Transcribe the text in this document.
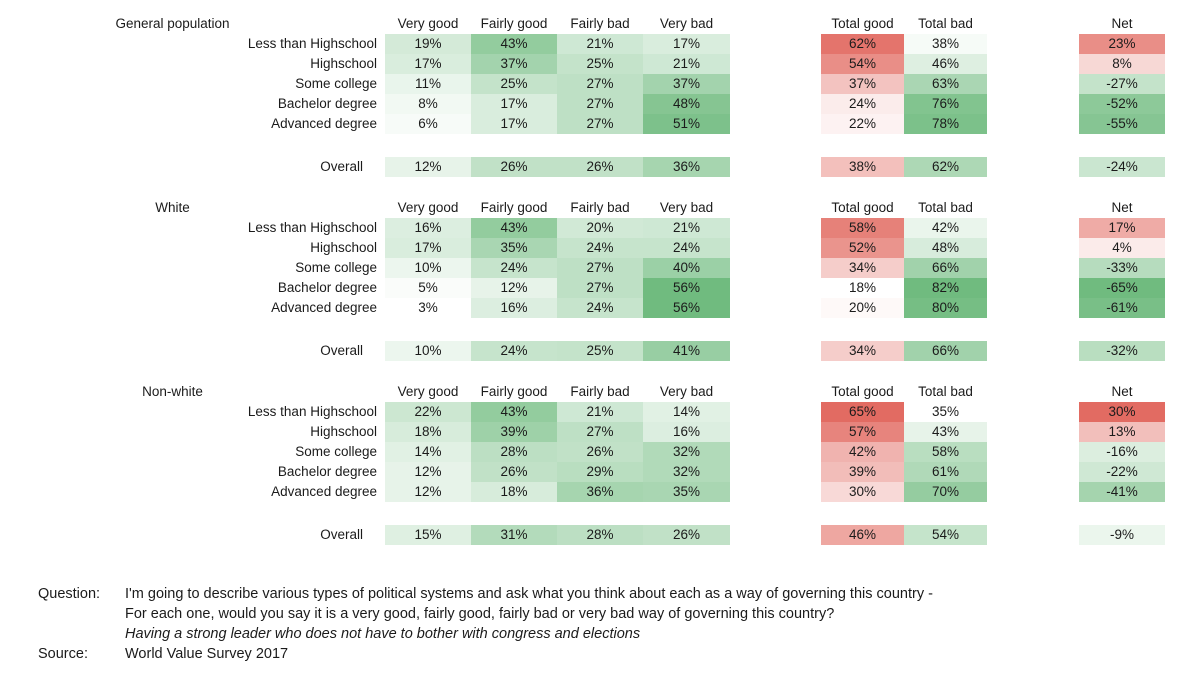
General population	Very good	Fairly good	Fairly bad	Very bad	Total good	Total bad	Net
Less than Highschool	19%	43%	21%	17%	62%	38%	23%
Highschool	17%	37%	25%	21%	54%	46%	8%
Some college	11%	25%	27%	37%	37%	63%	-27%
Bachelor degree	8%	17%	27%	48%	24%	76%	-52%
Advanced degree	6%	17%	27%	51%	22%	78%	-55%
Overall	12%	26%	26%	36%	38%	62%	-24%
White	Very good	Fairly good	Fairly bad	Very bad	Total good	Total bad	Net
Less than Highschool	16%	43%	20%	21%	58%	42%	17%
Highschool	17%	35%	24%	24%	52%	48%	4%
Some college	10%	24%	27%	40%	34%	66%	-33%
Bachelor degree	5%	12%	27%	56%	18%	82%	-65%
Advanced degree	3%	16%	24%	56%	20%	80%	-61%
Overall	10%	24%	25%	41%	34%	66%	-32%
Non-white	Very good	Fairly good	Fairly bad	Very bad	Total good	Total bad	Net
Less than Highschool	22%	43%	21%	14%	65%	35%	30%
Highschool	18%	39%	27%	16%	57%	43%	13%
Some college	14%	28%	26%	32%	42%	58%	-16%
Bachelor degree	12%	26%	29%	32%	39%	61%	-22%
Advanced degree	12%	18%	36%	35%	30%	70%	-41%
Overall	15%	31%	28%	26%	46%	54%	-9%
Question:	I'm going to describe various types of political systems and ask what you think about each as a way of governing this country -
For each one, would you say it is a very good, fairly good, fairly bad or very bad way of governing this country?
Having a strong leader who does not have to bother with congress and elections
Source:	World Value Survey 2017
